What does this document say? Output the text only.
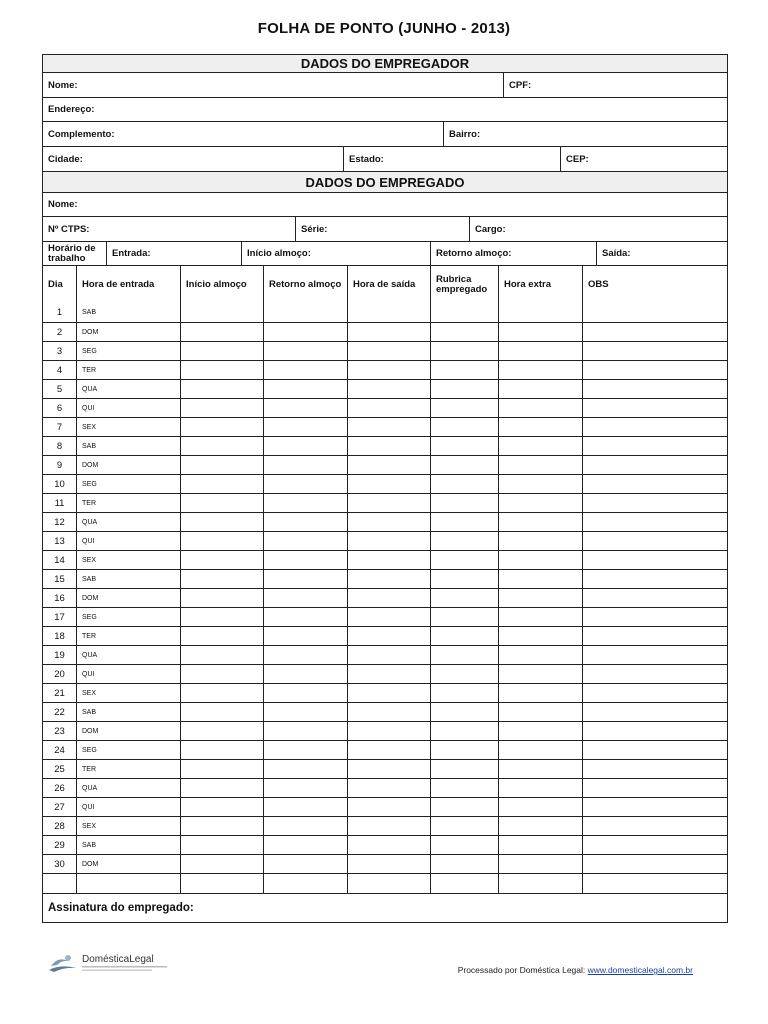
FOLHA DE PONTO (JUNHO - 2013)
DADOS DO EMPREGADOR
Nome:	CPF:
Endereço:
Complemento:	Bairro:
Cidade:	Estado:	CEP:
DADOS DO EMPREGADO
Nome:
Nº CTPS:	Série:	Cargo:
Horário de trabalho	Entrada:	Início almoço:	Retorno almoço:	Saída:
Dia	Hora de entrada	Início almoço	Retorno almoço	Hora de saída	Rubrica empregado	Hora extra	OBS
1	SAB
2	DOM
3	SEG
4	TER
5	QUA
6	QUI
7	SEX
8	SAB
9	DOM
10	SEG
11	TER
12	QUA
13	QUI
14	SEX
15	SAB
16	DOM
17	SEG
18	TER
19	QUA
20	QUI
21	SEX
22	SAB
23	DOM
24	SEG
25	TER
26	QUA
27	QUI
28	SEX
29	SAB
30	DOM
Assinatura do empregado:
DomésticaLegal
Processado por Doméstica Legal: www.domesticalegal.com.br
